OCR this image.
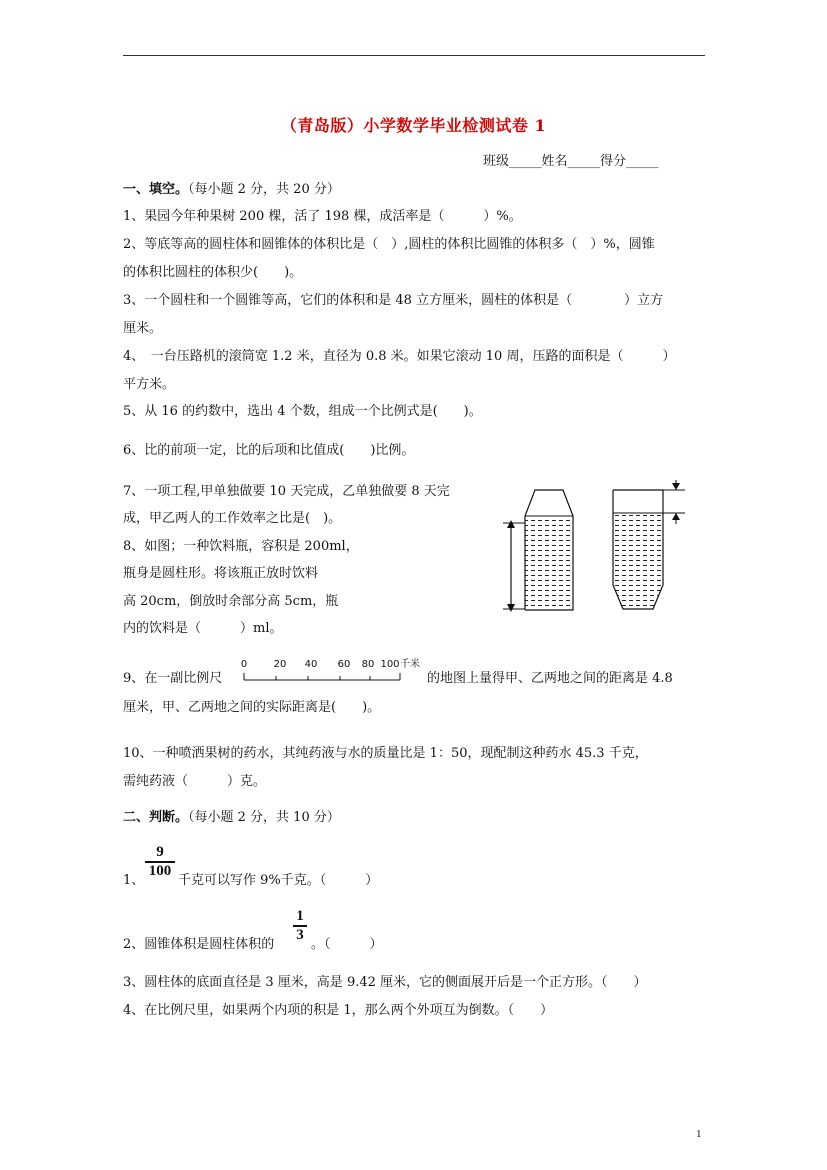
（青岛版）小学数学毕业检测试卷 1
班级_____姓名_____得分_____
一、填空。（每小题 2 分，共 20 分）
1、果园今年种果树 200 棵，活了 198 棵，成活率是（　　　）%。
2、等底等高的圆柱体和圆锥体的体积比是（　）,圆柱的体积比圆锥的体积多（　）%，圆锥
的体积比圆柱的体积少(　　)。
3、一个圆柱和一个圆锥等高，它们的体积和是 48 立方厘米，圆柱的体积是（　　　　）立方
厘米。
4、　一台压路机的滚筒宽 1.2 米，直径为 0.8 米。如果它滚动 10 周，压路的面积是（　　　）
平方米。
5、从 16 的约数中，选出 4 个数，组成一个比例式是(　　)。
6、比的前项一定，比的后项和比值成(　　)比例。
7、一项工程,甲单独做要 10 天完成，乙单独做要 8 天完
成，甲乙两人的工作效率之比是(　)。
8、如图；一种饮料瓶，容积是 200ml，
瓶身是圆柱形。将该瓶正放时饮料
高 20cm，倒放时余部分高 5cm，瓶
内的饮料是（　　　）ml。
9、在一副比例尺
0	20 40 60 80 100 千米
的地图上量得甲、乙两地之间的距离是 4.8
厘米，甲、乙两地之间的实际距离是(　　)。
10、一种喷洒果树的药水，其纯药液与水的质量比是 1：50，现配制这种药水 45.3 千克，
需纯药液（　　　）克。
二、判断。（每小题 2 分，共 10 分）
1、
9
100
千克可以写作 9%千克。（　　　）
2、圆锥体积是圆柱体积的
1
3
。（　　　）
3、圆柱体的底面直径是 3 厘米，高是 9.42 厘米，它的侧面展开后是一个正方形。（　　）
4、在比例尺里，如果两个内项的积是 1，那么两个外项互为倒数。（　　）
1
